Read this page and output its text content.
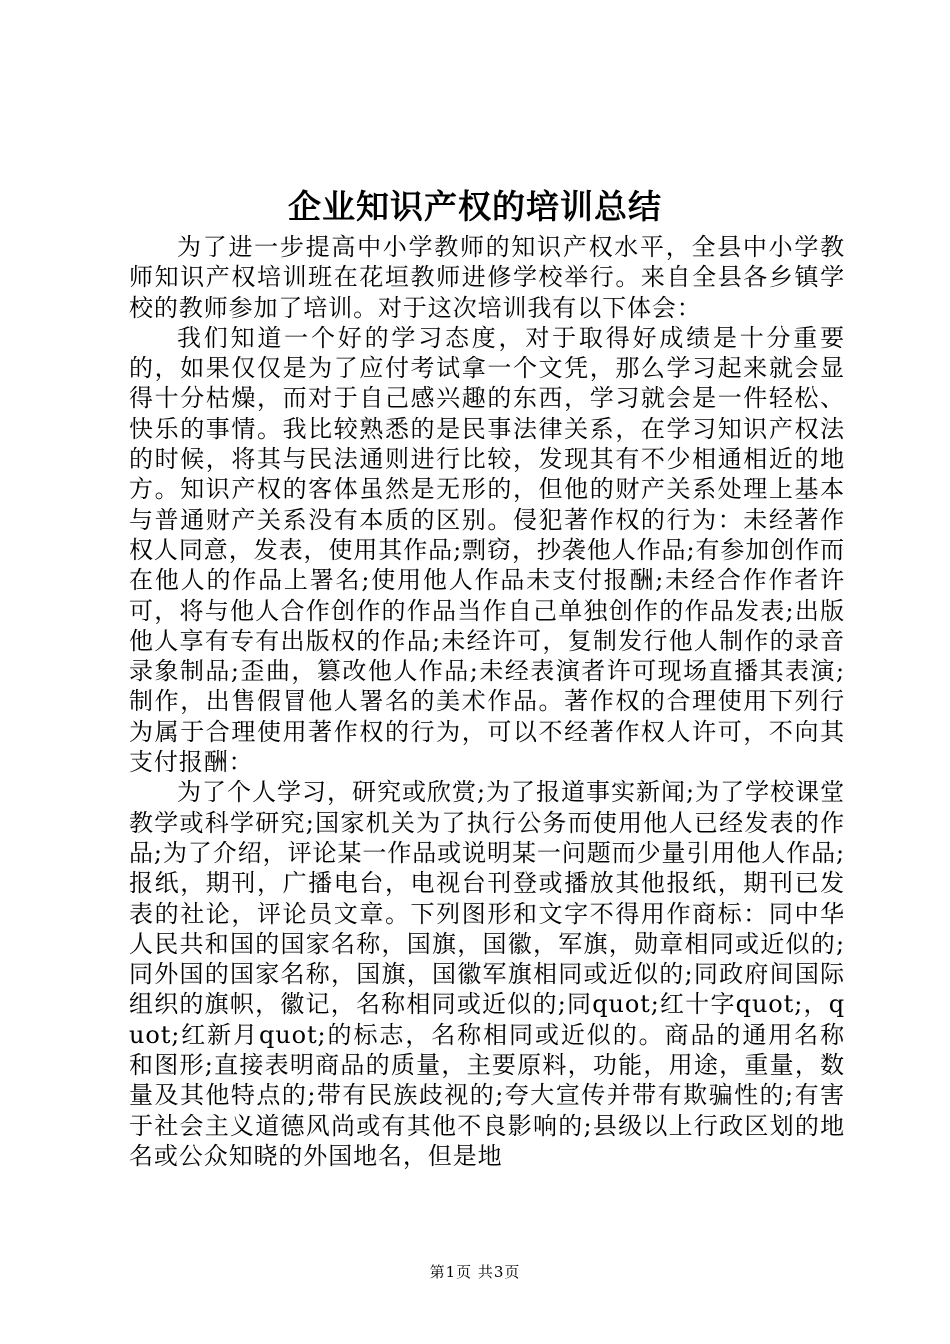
企业知识产权的培训总结

为了进一步提高中小学教师的知识产权水平，全县中小学教师知识产权培训班在花垣教师进修学校举行。来自全县各乡镇学校的教师参加了培训。对于这次培训我有以下体会：

我们知道一个好的学习态度，对于取得好成绩是十分重要的，如果仅仅是为了应付考试拿一个文凭，那么学习起来就会显得十分枯燥，而对于自己感兴趣的东西，学习就会是一件轻松、快乐的事情。我比较熟悉的是民事法律关系，在学习知识产权法的时候，将其与民法通则进行比较，发现其有不少相通相近的地方。知识产权的客体虽然是无形的，但他的财产关系处理上基本与普通财产关系没有本质的区别。侵犯著作权的行为：未经著作权人同意，发表，使用其作品;剽窃，抄袭他人作品;有参加创作而在他人的作品上署名;使用他人作品未支付报酬;未经合作作者许可，将与他人合作创作的作品当作自己单独创作的作品发表;出版他人享有专有出版权的作品;未经许可，复制发行他人制作的录音录象制品;歪曲，篡改他人作品;未经表演者许可现场直播其表演;制作，出售假冒他人署名的美术作品。著作权的合理使用下列行为属于合理使用著作权的行为，可以不经著作权人许可，不向其支付报酬：

为了个人学习，研究或欣赏;为了报道事实新闻;为了学校课堂教学或科学研究;国家机关为了执行公务而使用他人已经发表的作品;为了介绍，评论某一作品或说明某一问题而少量引用他人作品;报纸，期刊，广播电台，电视台刊登或播放其他报纸，期刊已发表的社论，评论员文章。下列图形和文字不得用作商标：同中华人民共和国的国家名称，国旗，国徽，军旗，勋章相同或近似的;同外国的国家名称，国旗，国徽军旗相同或近似的;同政府间国际组织的旗帜，徽记，名称相同或近似的;同quot;红十字quot;，quot;红新月quot;的标志，名称相同或近似的。商品的通用名称和图形;直接表明商品的质量，主要原料，功能，用途，重量，数量及其他特点的;带有民族歧视的;夸大宣传并带有欺骗性的;有害于社会主义道德风尚或有其他不良影响的;县级以上行政区划的地名或公众知晓的外国地名，但是地

第1页 共3页
